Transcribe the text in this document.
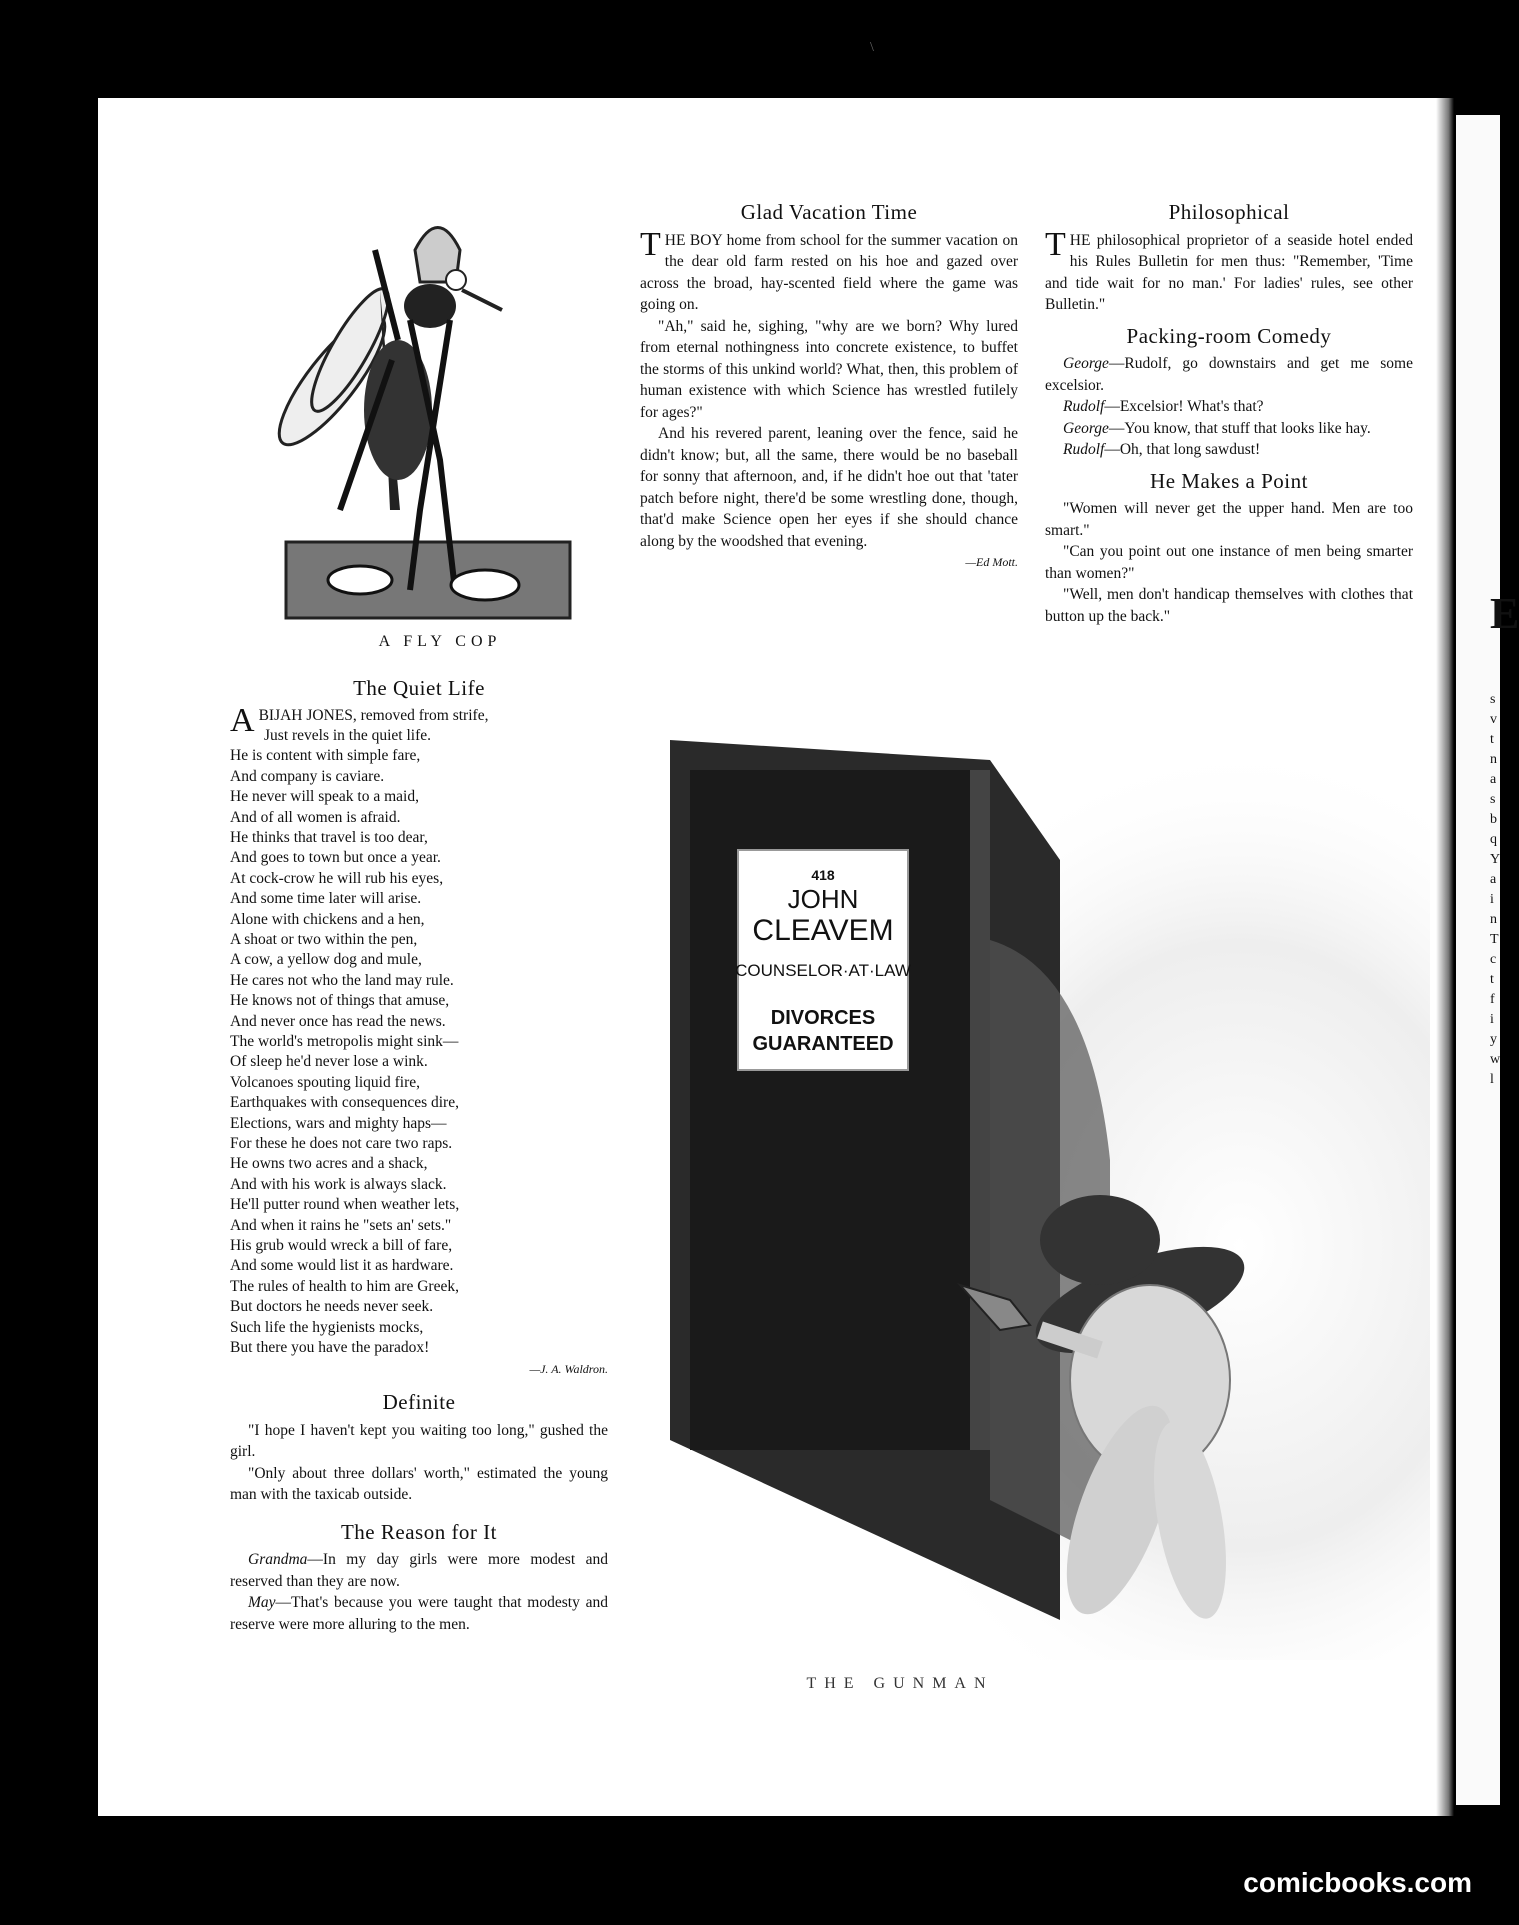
\
E
s
v
t
n
a
s
b
q
Y
a
i
n
T
c
t
f
i
y
w
l
A FLY COP
The Quiet Life
A BIJAH JONES, removed from strife,
Just revels in the quiet life.
He is content with simple fare,
And company is caviare.
He never will speak to a maid,
And of all women is afraid.
He thinks that travel is too dear,
And goes to town but once a year.
At cock-crow he will rub his eyes,
And some time later will arise.
Alone with chickens and a hen,
A shoat or two within the pen,
A cow, a yellow dog and mule,
He cares not who the land may rule.
He knows not of things that amuse,
And never once has read the news.
The world's metropolis might sink—
Of sleep he'd never lose a wink.
Volcanoes spouting liquid fire,
Earthquakes with consequences dire,
Elections, wars and mighty haps—
For these he does not care two raps.
He owns two acres and a shack,
And with his work is always slack.
He'll putter round when weather lets,
And when it rains he "sets an' sets."
His grub would wreck a bill of fare,
And some would list it as hardware.
The rules of health to him are Greek,
But doctors he needs never seek.
Such life the hygienists mocks,
But there you have the paradox!

—J. A. Waldron.

Definite

"I hope I haven't kept you waiting too long," gushed the girl.

"Only about three dollars' worth," estimated the young man with the taxicab outside.

The Reason for It

Grandma—In my day girls were more modest and reserved than they are now.

May—That's because you were taught that modesty and reserve were more alluring to the men.

Glad Vacation Time

THE BOY home from school for the summer vacation on the dear old farm rested on his hoe and gazed over across the broad, hay-scented field where the game was going on.

"Ah," said he, sighing, "why are we born? Why lured from eternal nothingness into concrete existence, to buffet the storms of this unkind world? What, then, this problem of human existence with which Science has wrestled futilely for ages?"

And his revered parent, leaning over the fence, said he didn't know; but, all the same, there would be no baseball for sonny that afternoon, and, if he didn't hoe out that 'tater patch before night, there'd be some wrestling done, though, that'd make Science open her eyes if she should chance along by the woodshed that evening.

—Ed Mott.

Philosophical

THE philosophical proprietor of a seaside hotel ended his Rules Bulletin for men thus: "Remember, 'Time and tide wait for no man.' For ladies' rules, see other Bulletin."

Packing-room Comedy

George—Rudolf, go downstairs and get me some excelsior.

Rudolf—Excelsior! What's that?

George—You know, that stuff that looks like hay.

Rudolf—Oh, that long sawdust!

He Makes a Point

"Women will never get the upper hand. Men are too smart."

"Can you point out one instance of men being smarter than women?"

"Well, men don't handicap themselves with clothes that button up the back."

418
JOHN
CLEAVEM
COUNSELOR·AT·LAW
DIVORCES
GUARANTEED
THE GUNMAN
comicbooks.com
